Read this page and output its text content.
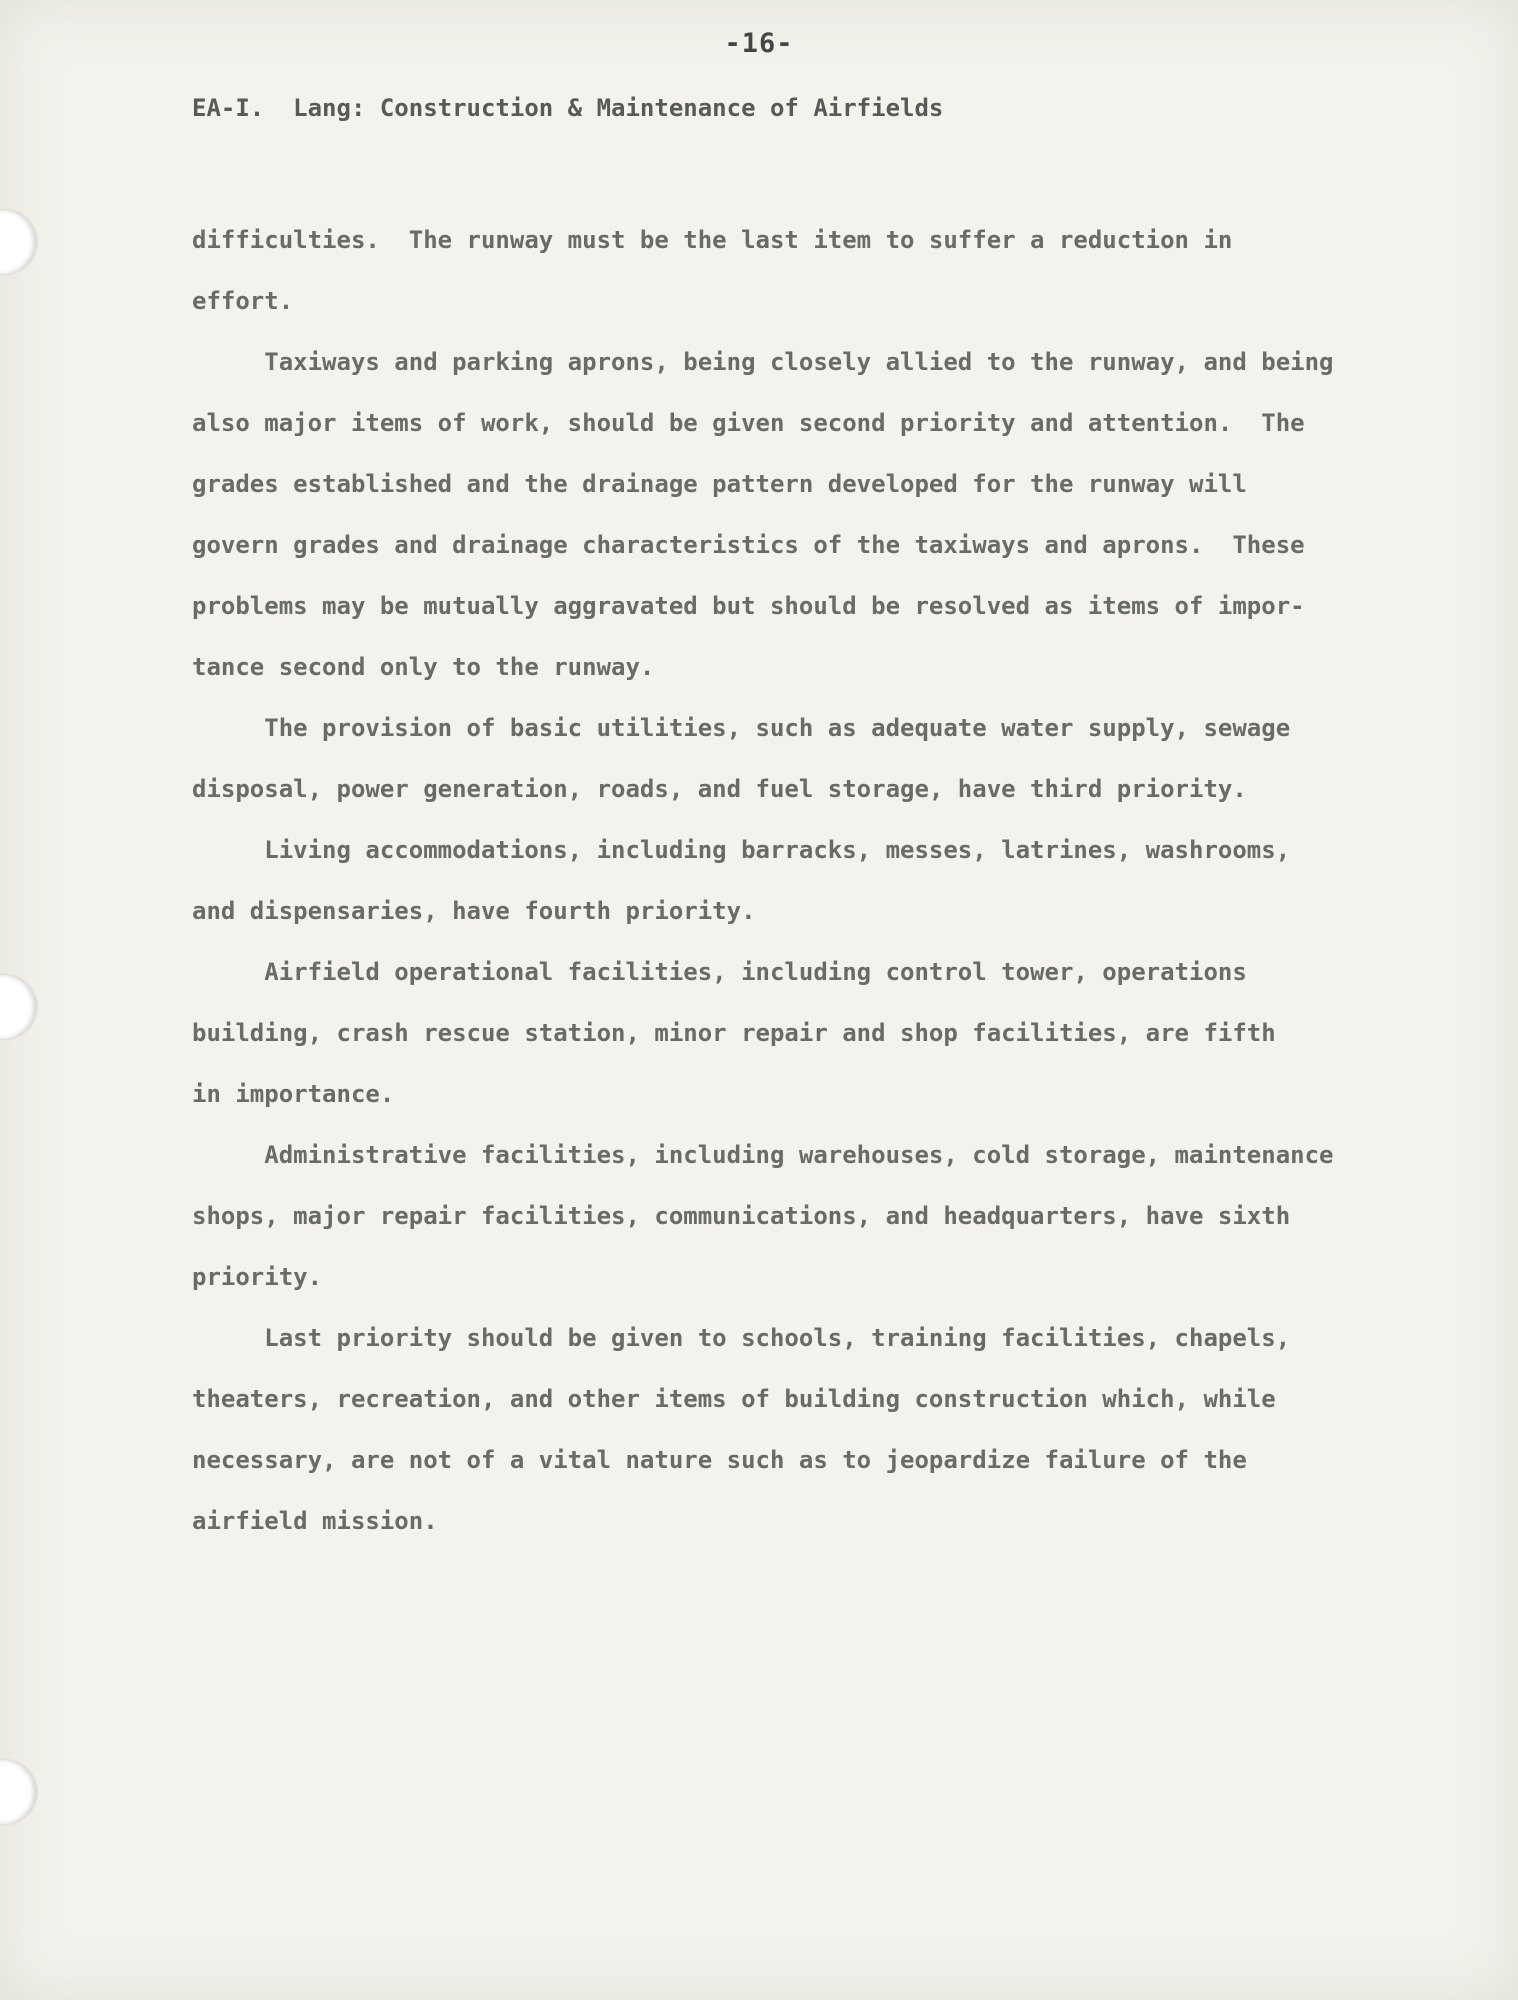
-16-
EA-I.  Lang: Construction & Maintenance of Airfields
difficulties.  The runway must be the last item to suffer a reduction in
effort.
Taxiways and parking aprons, being closely allied to the runway, and being
also major items of work, should be given second priority and attention.  The
grades established and the drainage pattern developed for the runway will
govern grades and drainage characteristics of the taxiways and aprons.  These
problems may be mutually aggravated but should be resolved as items of impor-
tance second only to the runway.
The provision of basic utilities, such as adequate water supply, sewage
disposal, power generation, roads, and fuel storage, have third priority.
Living accommodations, including barracks, messes, latrines, washrooms,
and dispensaries, have fourth priority.
Airfield operational facilities, including control tower, operations
building, crash rescue station, minor repair and shop facilities, are fifth
in importance.
Administrative facilities, including warehouses, cold storage, maintenance
shops, major repair facilities, communications, and headquarters, have sixth
priority.
Last priority should be given to schools, training facilities, chapels,
theaters, recreation, and other items of building construction which, while
necessary, are not of a vital nature such as to jeopardize failure of the
airfield mission.
